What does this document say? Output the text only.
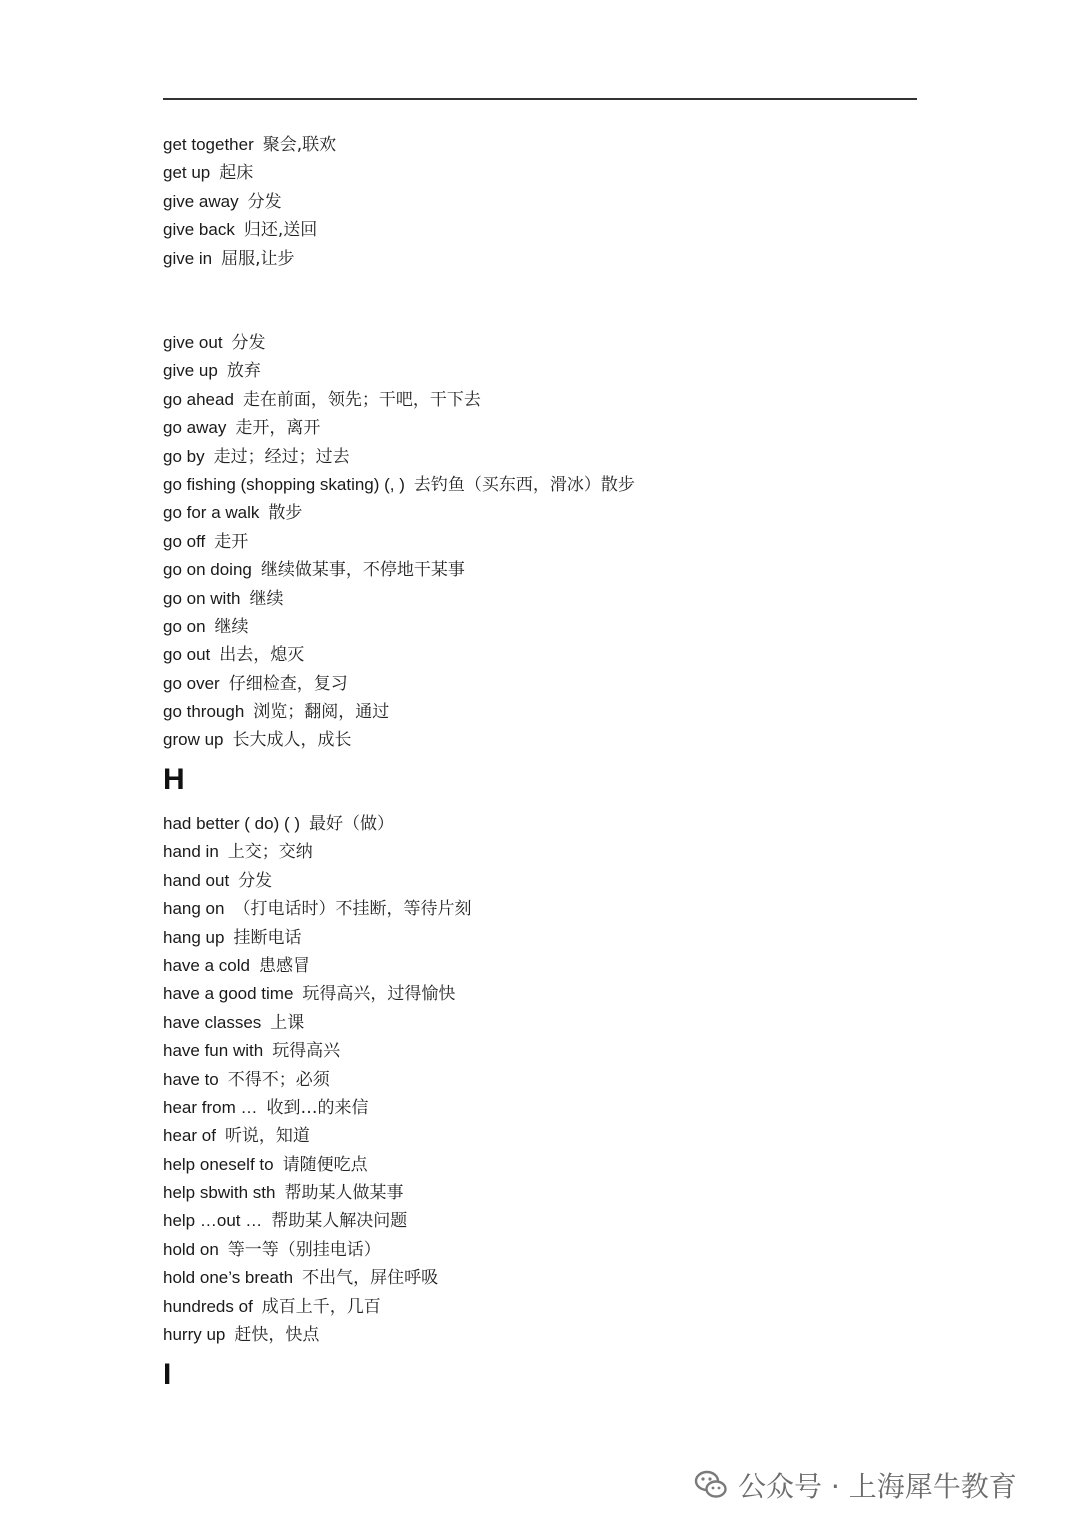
get together 聚会,联欢
get up 起床
give away 分发
give back 归还,送回
give in 屈服,让步
give out 分发
give up 放弃
go ahead 走在前面，领先；干吧，干下去
go away 走开，离开
go by 走过；经过；过去
go fishing (shopping skating) (, ) 去钓鱼（买东西，滑冰）散步
go for a walk 散步
go off 走开
go on doing 继续做某事，不停地干某事
go on with 继续
go on 继续
go out 出去，熄灭
go over 仔细检查，复习
go through 浏览；翻阅，通过
grow up 长大成人，成长
H
had better ( do) ( ) 最好（做）
hand in 上交；交纳
hand out 分发
hang on （打电话时）不挂断，等待片刻
hang up 挂断电话
have a cold 患感冒
have a good time 玩得高兴，过得愉快
have classes 上课
have fun with 玩得高兴
have to 不得不；必须
hear from … 收到…的来信
hear of 听说，知道
help oneself to 请随便吃点
help sbwith sth 帮助某人做某事
help …out … 帮助某人解决问题
hold on 等一等（别挂电话）
hold one’s breath 不出气，屏住呼吸
hundreds of 成百上千，几百
hurry up 赶快，快点
I
公众号 · 上海犀牛教育
